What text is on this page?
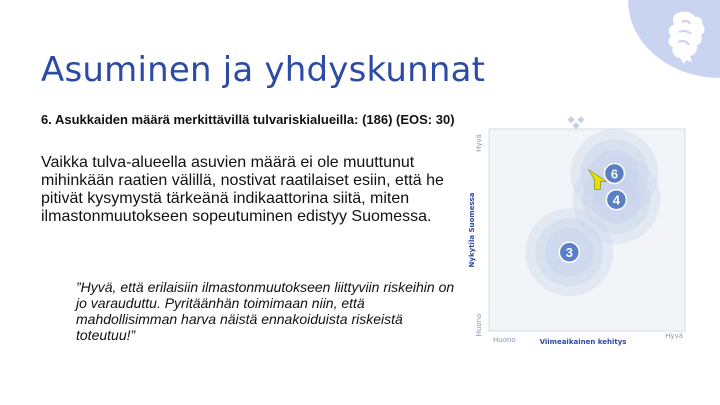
Asuminen ja yhdyskunnat
6. Asukkaiden määrä merkittävillä tulvariskialueilla: (186) (EOS: 30)
Vaikka tulva-alueella asuvien määrä ei ole muuttunut mihinkään raatien välillä, nostivat raatilaiset esiin, että he pitivät kysymystä tärkeänä indikaattorina siitä, miten ilmastonmuutokseen sopeutuminen edistyy Suomessa.
”Hyvä, että erilaisiin ilmastonmuutokseen liittyviin riskeihin on jo varauduttu. Pyritäänhän toimimaan niin, että mahdollisimman harva näistä ennakoiduista riskeistä toteutuu!”
Hyvä
Nykytila Suomessa
Huono
Huono	Viimeaikainen kehitys
Hyvä
6
4
3
